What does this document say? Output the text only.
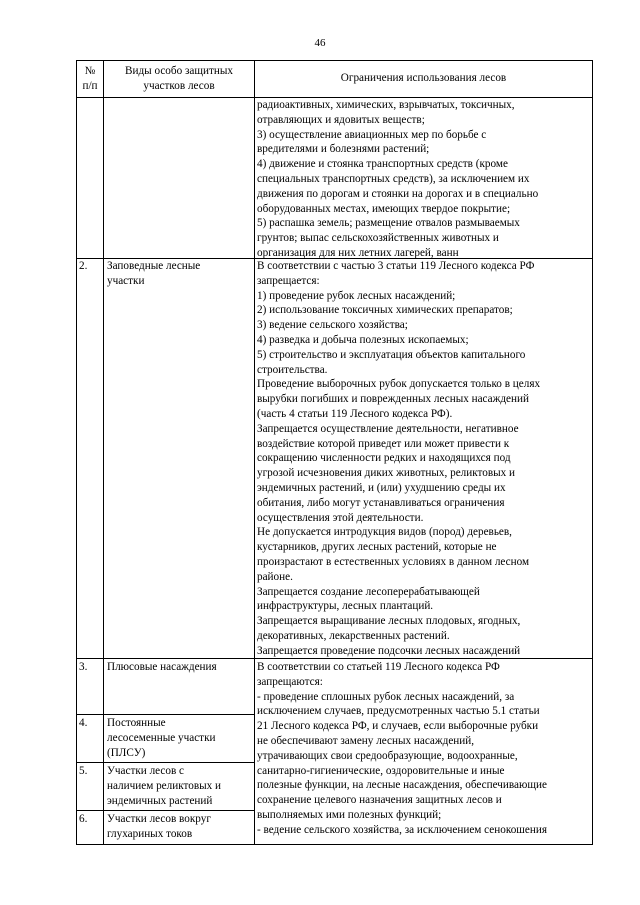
46
№
п/п
Виды особо защитных
участков лесов
Ограничения использования лесов
радиоактивных, химических, взрывчатых, токсичных,
отравляющих и ядовитых веществ;
3) осуществление авиационных мер по борьбе с
вредителями и болезнями растений;
4) движение и стоянка транспортных средств (кроме
специальных транспортных средств), за исключением их
движения по дорогам и стоянки на дорогах и в специально
оборудованных местах, имеющих твердое покрытие;
5) распашка земель; размещение отвалов размываемых
грунтов; выпас сельскохозяйственных животных и
организация для них летних лагерей, ванн
2. Заповедные лесные
участки
В соответствии с частью 3 статьи 119 Лесного кодекса РФ
запрещается:
1) проведение рубок лесных насаждений;
2) использование токсичных химических препаратов;
3) ведение сельского хозяйства;
4) разведка и добыча полезных ископаемых;
5) строительство и эксплуатация объектов капитального
строительства.
Проведение выборочных рубок допускается только в целях
вырубки погибших и поврежденных лесных насаждений
(часть 4 статьи 119 Лесного кодекса РФ).
Запрещается осуществление деятельности, негативное
воздействие которой приведет или может привести к
сокращению численности редких и находящихся под
угрозой исчезновения диких животных, реликтовых и
эндемичных растений, и (или) ухудшению среды их
обитания, либо могут устанавливаться ограничения
осуществления этой деятельности.
Не допускается интродукция видов (пород) деревьев,
кустарников, других лесных растений, которые не
произрастают в естественных условиях в данном лесном
районе.
Запрещается создание лесоперерабатывающей
инфраструктуры, лесных плантаций.
Запрещается выращивание лесных плодовых, ягодных,
декоративных, лекарственных растений.
Запрещается проведение подсочки лесных насаждений
3. Плюсовые насаждения
4. Постоянные
лесосеменные участки
(ПЛСУ)
5. Участки лесов с
наличием реликтовых и
эндемичных растений
6. Участки лесов вокруг
глухариных токов
В соответствии со статьей 119 Лесного кодекса РФ
запрещаются:
- проведение сплошных рубок лесных насаждений, за
исключением случаев, предусмотренных частью 5.1 статьи
21 Лесного кодекса РФ, и случаев, если выборочные рубки
не обеспечивают замену лесных насаждений,
утрачивающих свои средообразующие, водоохранные,
санитарно-гигиенические, оздоровительные и иные
полезные функции, на лесные насаждения, обеспечивающие
сохранение целевого назначения защитных лесов и
выполняемых ими полезных функций;
- ведение сельского хозяйства, за исключением сенокошения
